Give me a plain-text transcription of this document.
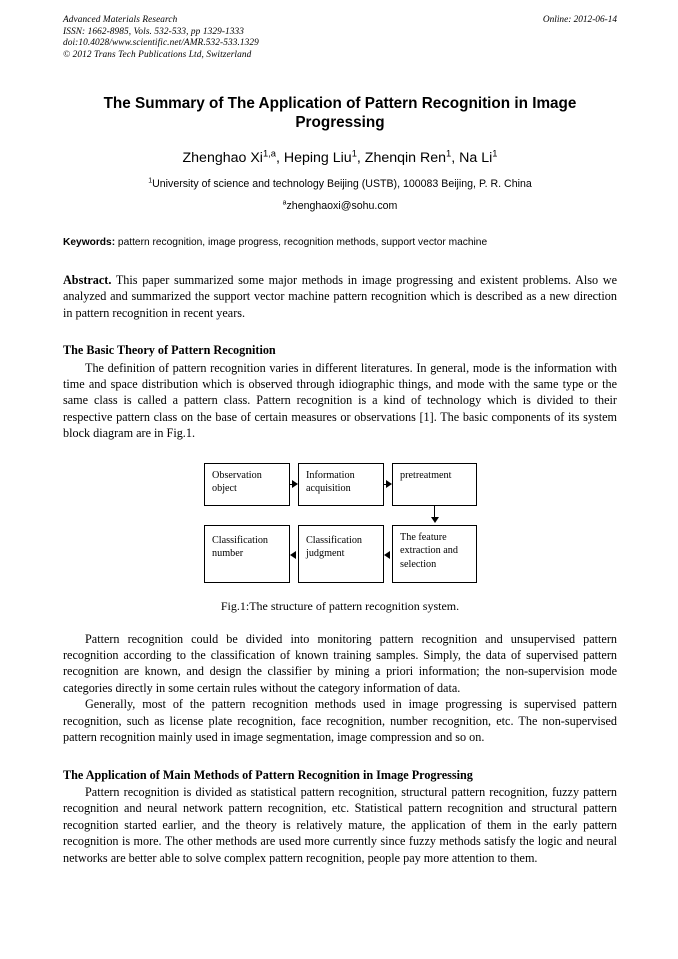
Advanced Materials Research
ISSN: 1662-8985, Vols. 532-533, pp 1329-1333
doi:10.4028/www.scientific.net/AMR.532-533.1329
© 2012 Trans Tech Publications Ltd, Switzerland
Online: 2012-06-14
The Summary of The Application of Pattern Recognition in Image Progressing
Zhenghao Xi$^{1,a}$, Heping Liu$^1$, Zhenqin Ren$^1$, Na Li$^1$
$^1$University of science and technology Beijing (USTB), 100083 Beijing, P. R. China
$^a$zhenghaoxi@sohu.com
Keywords: pattern recognition, image progress, recognition methods, support vector machine
Abstract. This paper summarized some major methods in image progressing and existent problems. Also we analyzed and summarized the support vector machine pattern recognition which is described as a new direction in pattern recognition in recent years.
The Basic Theory of Pattern Recognition
The definition of pattern recognition varies in different literatures. In general, mode is the information with time and space distribution which is observed through idiographic things, and mode with the same type or the same class is called a pattern class. Pattern recognition is a kind of technology which is divided to their respective pattern class on the base of certain measures or observations [1]. The basic components of its system block diagram are in Fig.1.
Observation
object
Information
acquisition
pretreatment
Classification
number
Classification
judgment
The feature
extraction and
selection
Fig.1:The structure of pattern recognition system.
Pattern recognition could be divided into monitoring pattern recognition and unsupervised pattern recognition according to the classification of known training samples. Simply, the data of supervised pattern recognition are known, and design the classifier by mining a priori information; the non-supervision mode categories directly in some certain rules without the category information of data.
Generally, most of the pattern recognition methods used in image progressing is supervised pattern recognition, such as license plate recognition, face recognition, number recognition, etc. The non-supervised pattern recognition mainly used in image segmentation, image compression and so on.
The Application of Main Methods of Pattern Recognition in Image Progressing
Pattern recognition is divided as statistical pattern recognition, structural pattern recognition, fuzzy pattern recognition and neural network pattern recognition, etc. Statistical pattern recognition and structural pattern recognition started earlier, and the theory is relatively mature, the application of them in the early pattern recognition is more. The other methods are used more currently since fuzzy methods satisfy the logic and neural networks are better able to solve complex pattern recognition, people pay more attention to them.
